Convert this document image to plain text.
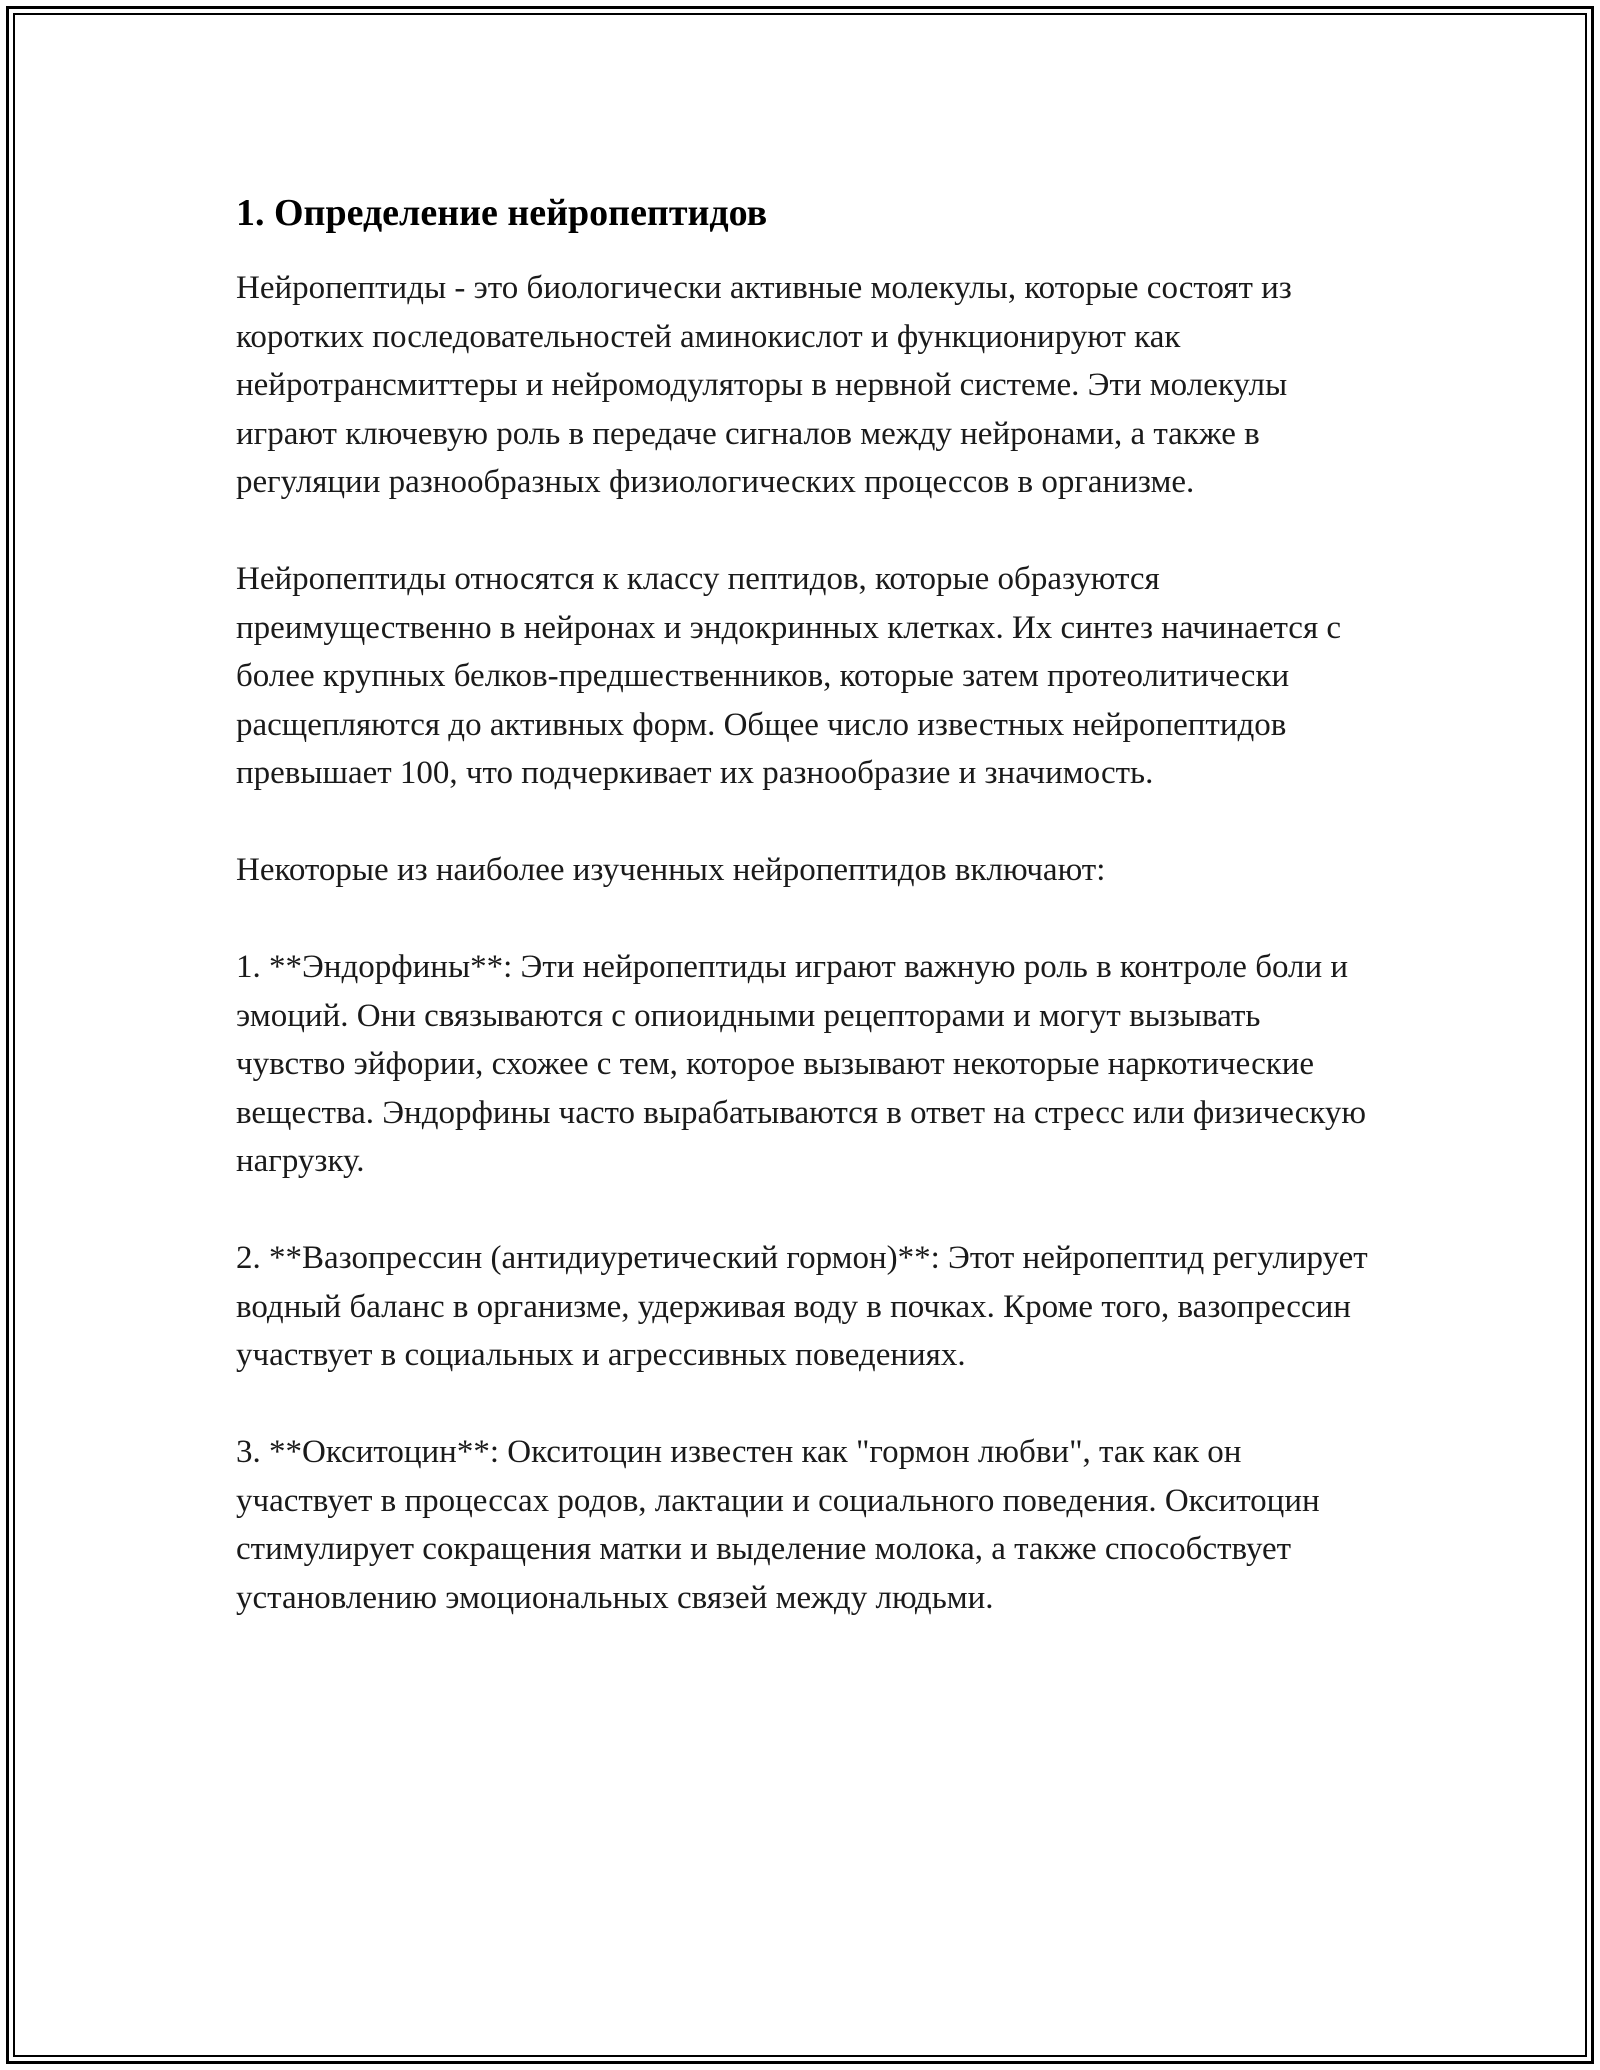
1. Определение нейропептидов

Нейропептиды - это биологически активные молекулы, которые состоят из коротких последовательностей аминокислот и функционируют как нейротрансмиттеры и нейромодуляторы в нервной системе. Эти молекулы играют ключевую роль в передаче сигналов между нейронами, а также в регуляции разнообразных физиологических процессов в организме.

Нейропептиды относятся к классу пептидов, которые образуются преимущественно в нейронах и эндокринных клетках. Их синтез начинается с более крупных белков-предшественников, которые затем протеолитически расщепляются до активных форм. Общее число известных нейропептидов превышает 100, что подчеркивает их разнообразие и значимость.

Некоторые из наиболее изученных нейропептидов включают:

1. **Эндорфины**: Эти нейропептиды играют важную роль в контроле боли и эмоций. Они связываются с опиоидными рецепторами и могут вызывать чувство эйфории, схожее с тем, которое вызывают некоторые наркотические вещества. Эндорфины часто вырабатываются в ответ на стресс или физическую нагрузку.

2. **Вазопрессин (антидиуретический гормон)**: Этот нейропептид регулирует водный баланс в организме, удерживая воду в почках. Кроме того, вазопрессин участвует в социальных и агрессивных поведениях.

3. **Окситоцин**: Окситоцин известен как "гормон любви", так как он участвует в процессах родов, лактации и социального поведения. Окситоцин стимулирует сокращения матки и выделение молока, а также способствует установлению эмоциональных связей между людьми.
